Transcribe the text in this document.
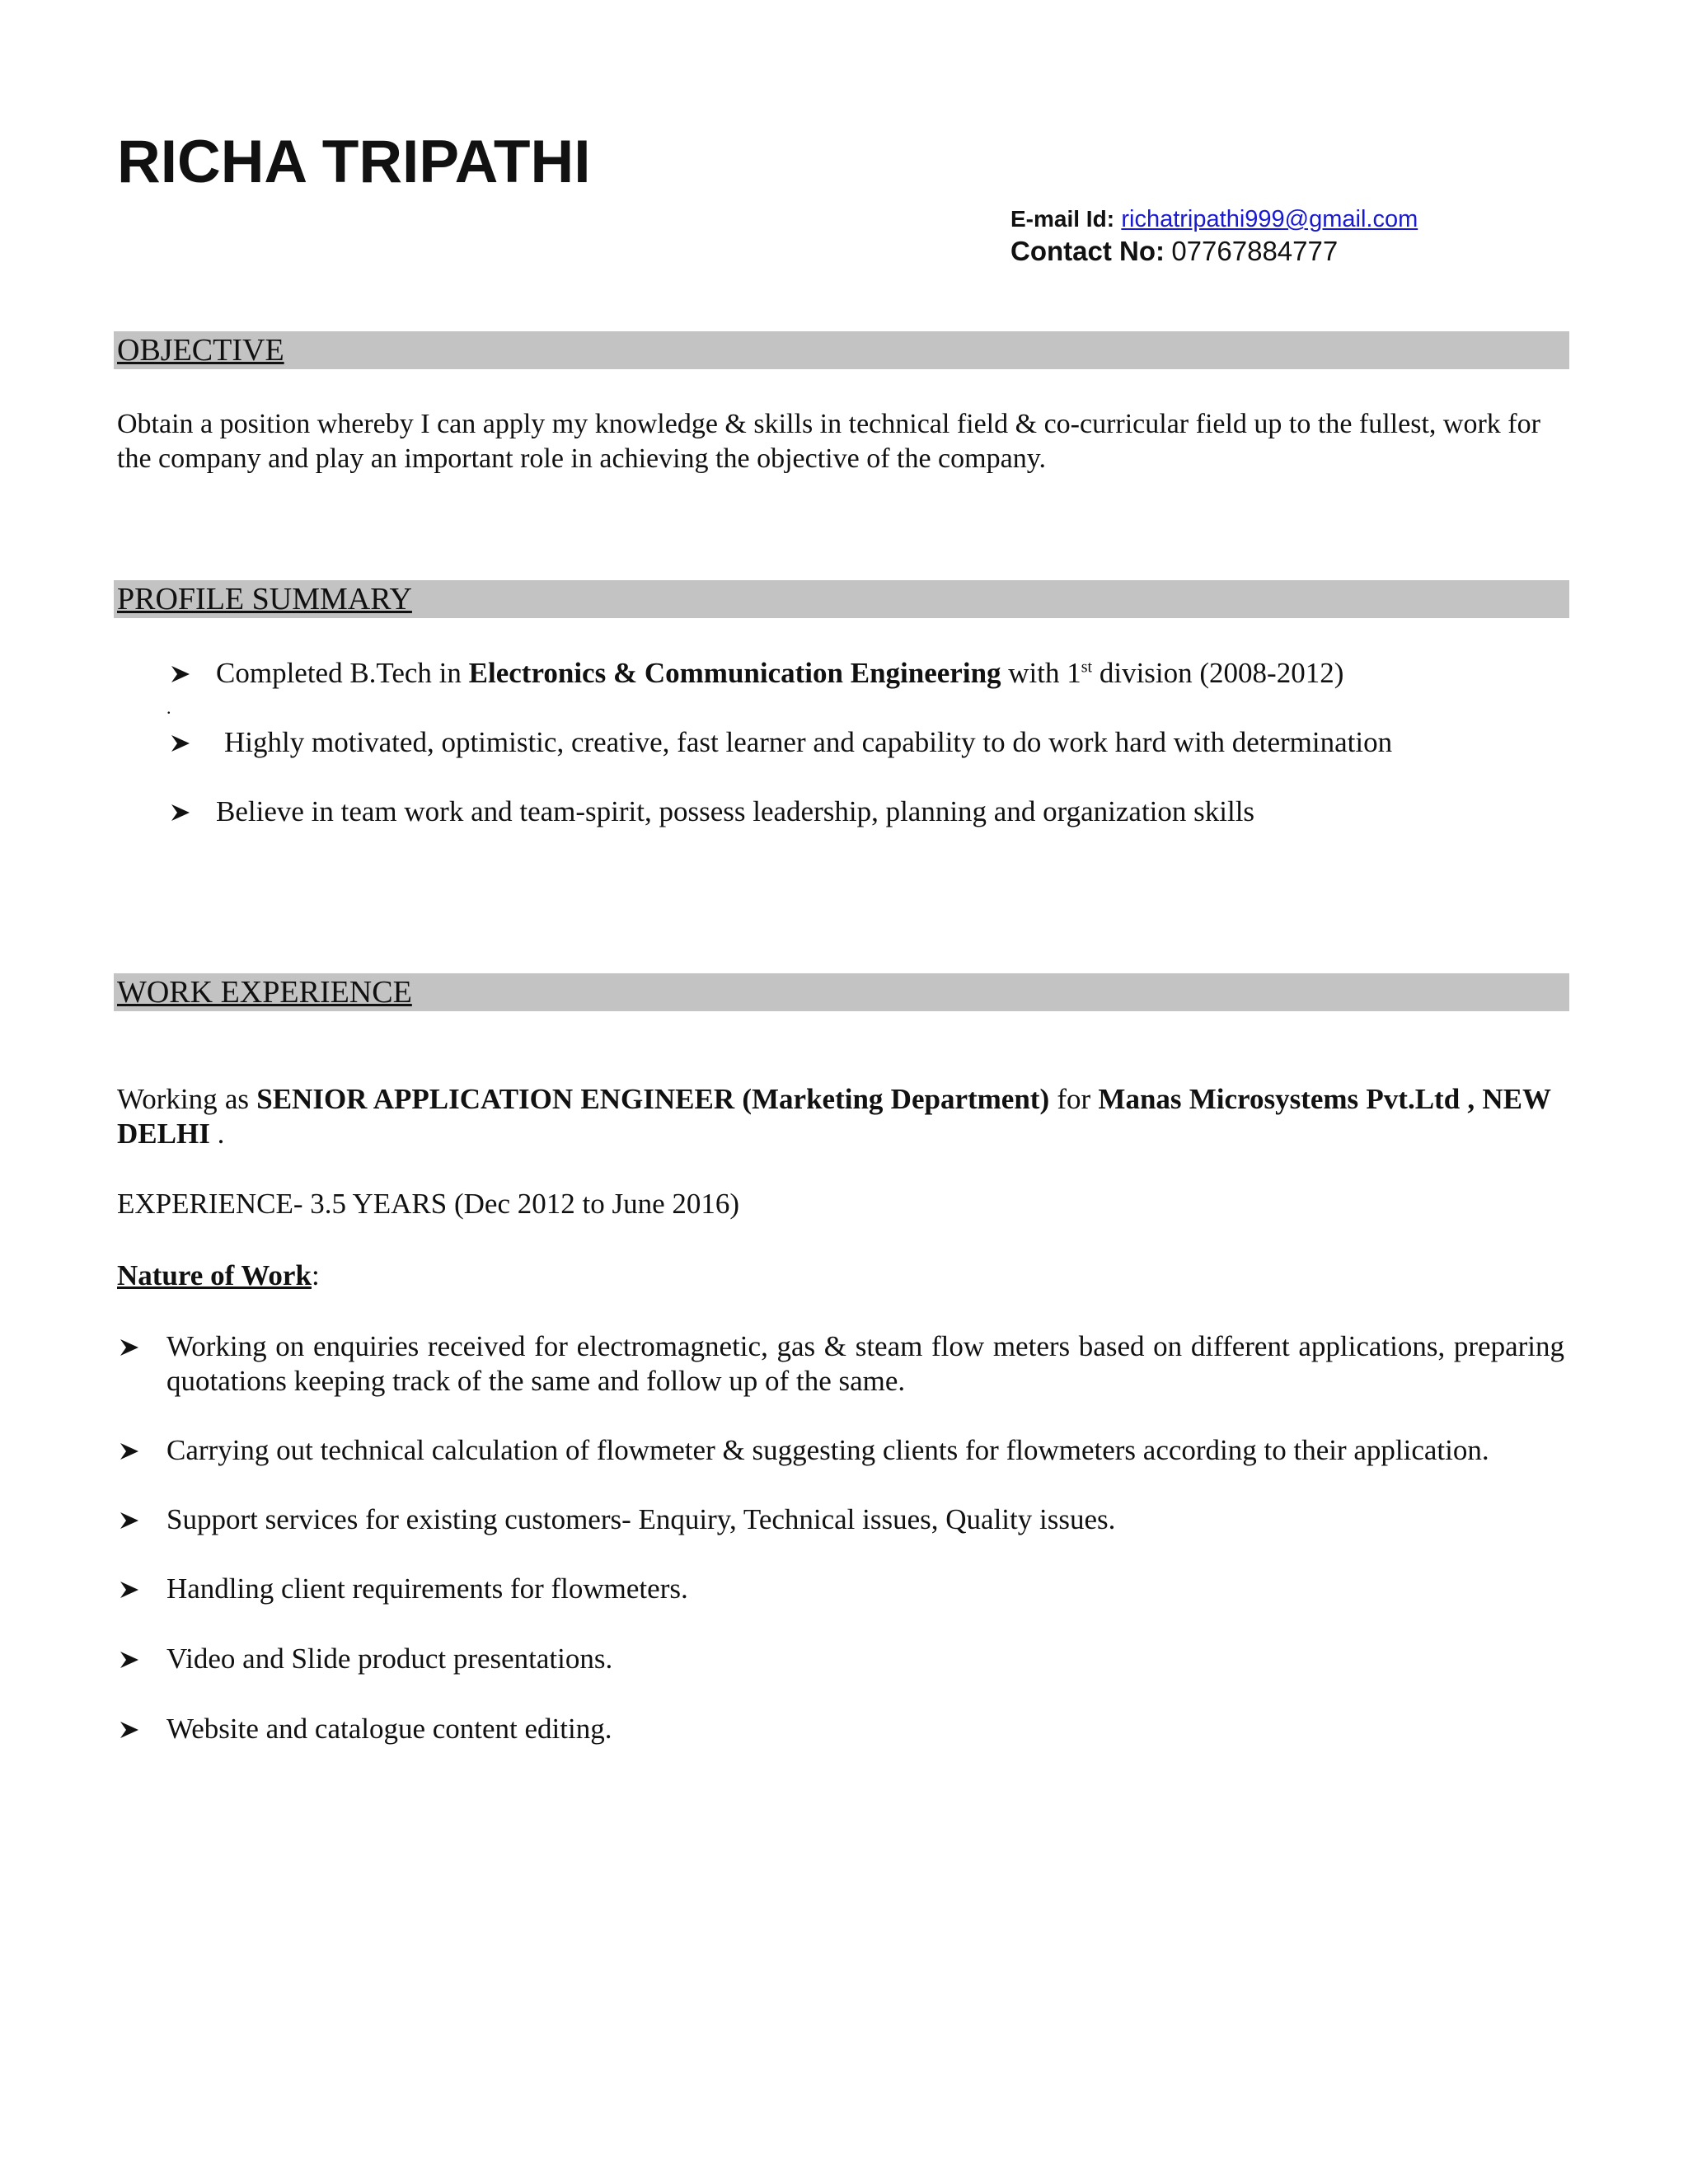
RICHA TRIPATHI
E-mail Id: richatripathi999@gmail.com
Contact No: 07767884777
OBJECTIVE
Obtain a position whereby I can apply my knowledge & skills in technical field & co-curricular field up to the fullest, work for the company and play an important role in achieving the objective of the company.
PROFILE SUMMARY
Completed B.Tech in Electronics & Communication Engineering with 1st division (2008-2012)
.
Highly motivated, optimistic, creative, fast learner and capability to do work hard with determination
Believe in team work and team-spirit, possess leadership, planning and organization skills
WORK EXPERIENCE
Working as SENIOR APPLICATION ENGINEER (Marketing Department) for Manas Microsystems Pvt.Ltd , NEW DELHI .
EXPERIENCE- 3.5 YEARS (Dec 2012 to June 2016)
Nature of Work:
Working on enquiries received for electromagnetic, gas & steam flow meters based on different applications, preparing quotations keeping track of the same and follow up of the same.
Carrying out technical calculation of flowmeter & suggesting clients for flowmeters according to their application.
Support services for existing customers- Enquiry, Technical issues, Quality issues.
Handling client requirements for flowmeters.
Video and Slide product presentations.
Website and catalogue content editing.
